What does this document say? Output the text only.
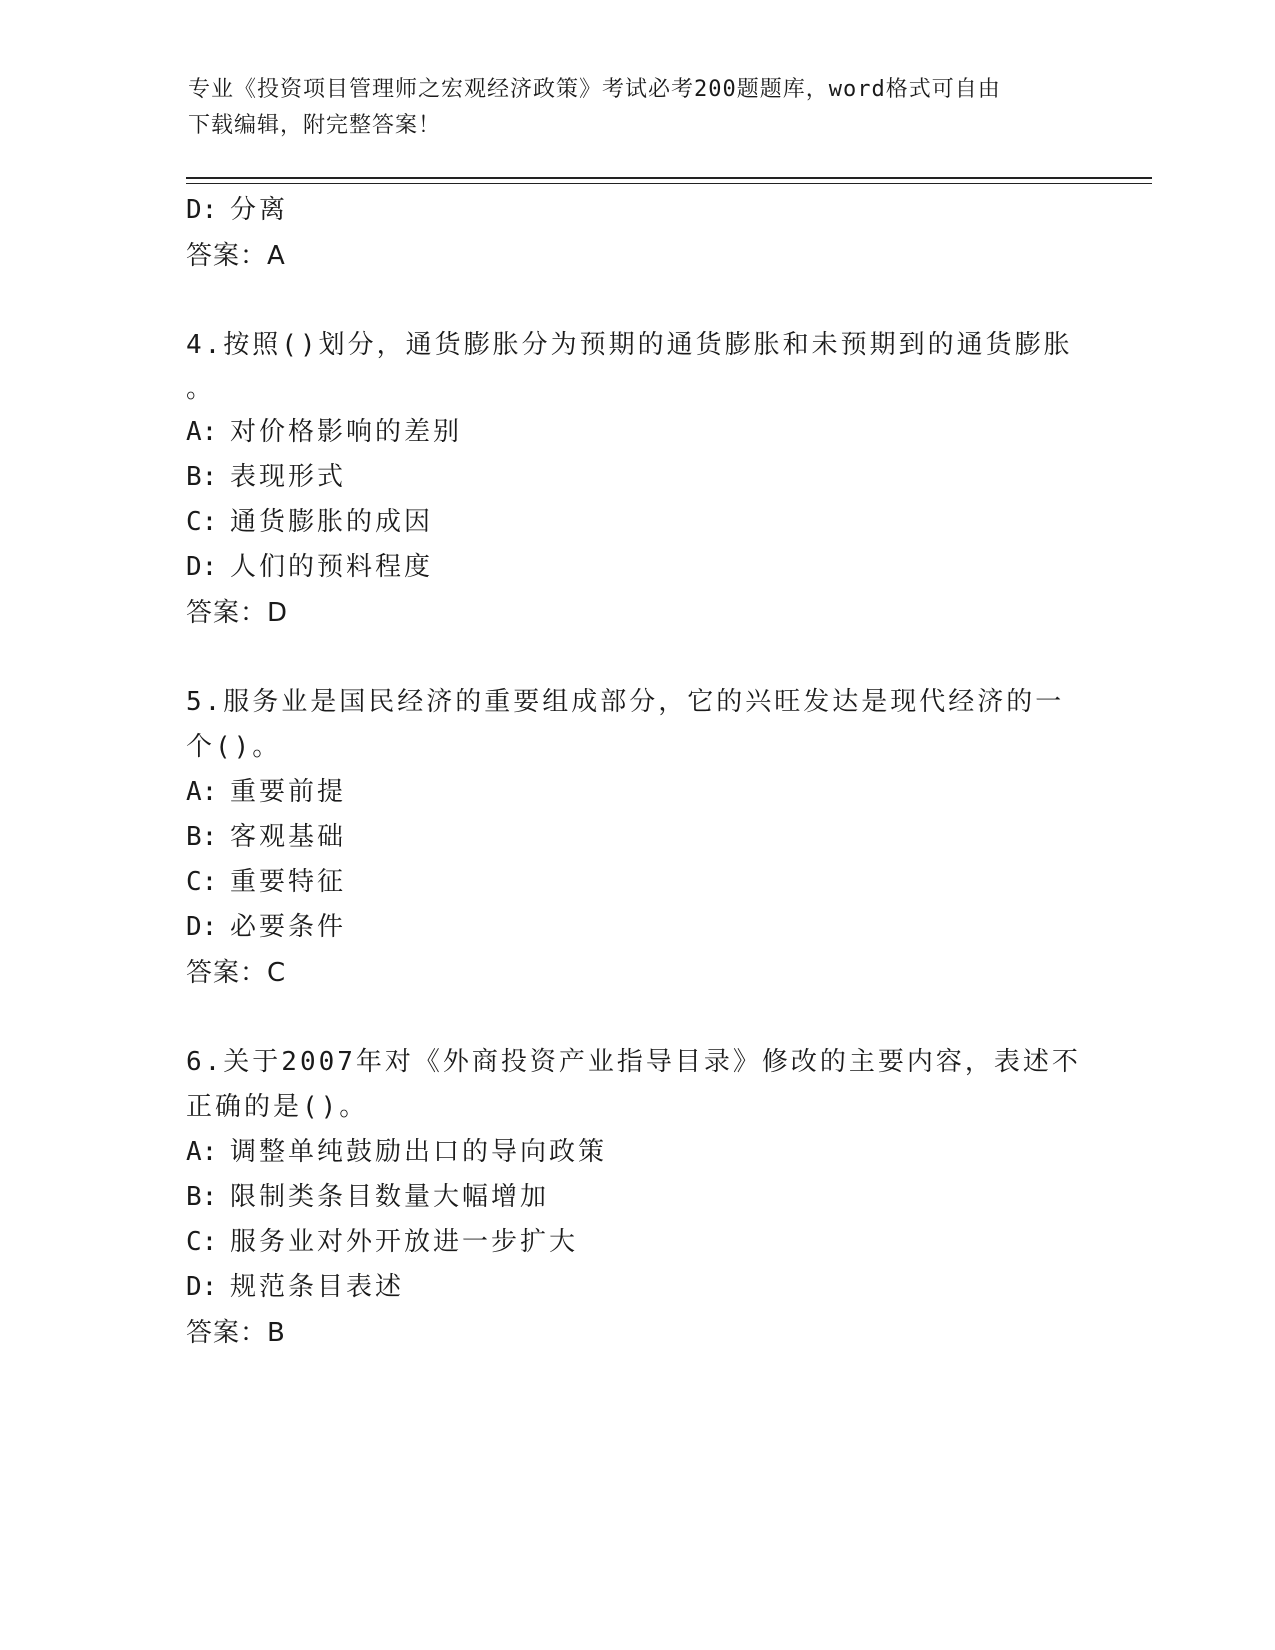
专业《投资项目管理师之宏观经济政策》考试必考200题题库，word格式可自由
下载编辑，附完整答案！
D: 分离
答案：A
4.按照()划分，通货膨胀分为预期的通货膨胀和未预期到的通货膨胀
。
A: 对价格影响的差别
B: 表现形式
C: 通货膨胀的成因
D: 人们的预料程度
答案：D
5.服务业是国民经济的重要组成部分，它的兴旺发达是现代经济的一
个()。
A: 重要前提
B: 客观基础
C: 重要特征
D: 必要条件
答案：C
6.关于2007年对《外商投资产业指导目录》修改的主要内容，表述不
正确的是()。
A: 调整单纯鼓励出口的导向政策
B: 限制类条目数量大幅增加
C: 服务业对外开放进一步扩大
D: 规范条目表述
答案：B
